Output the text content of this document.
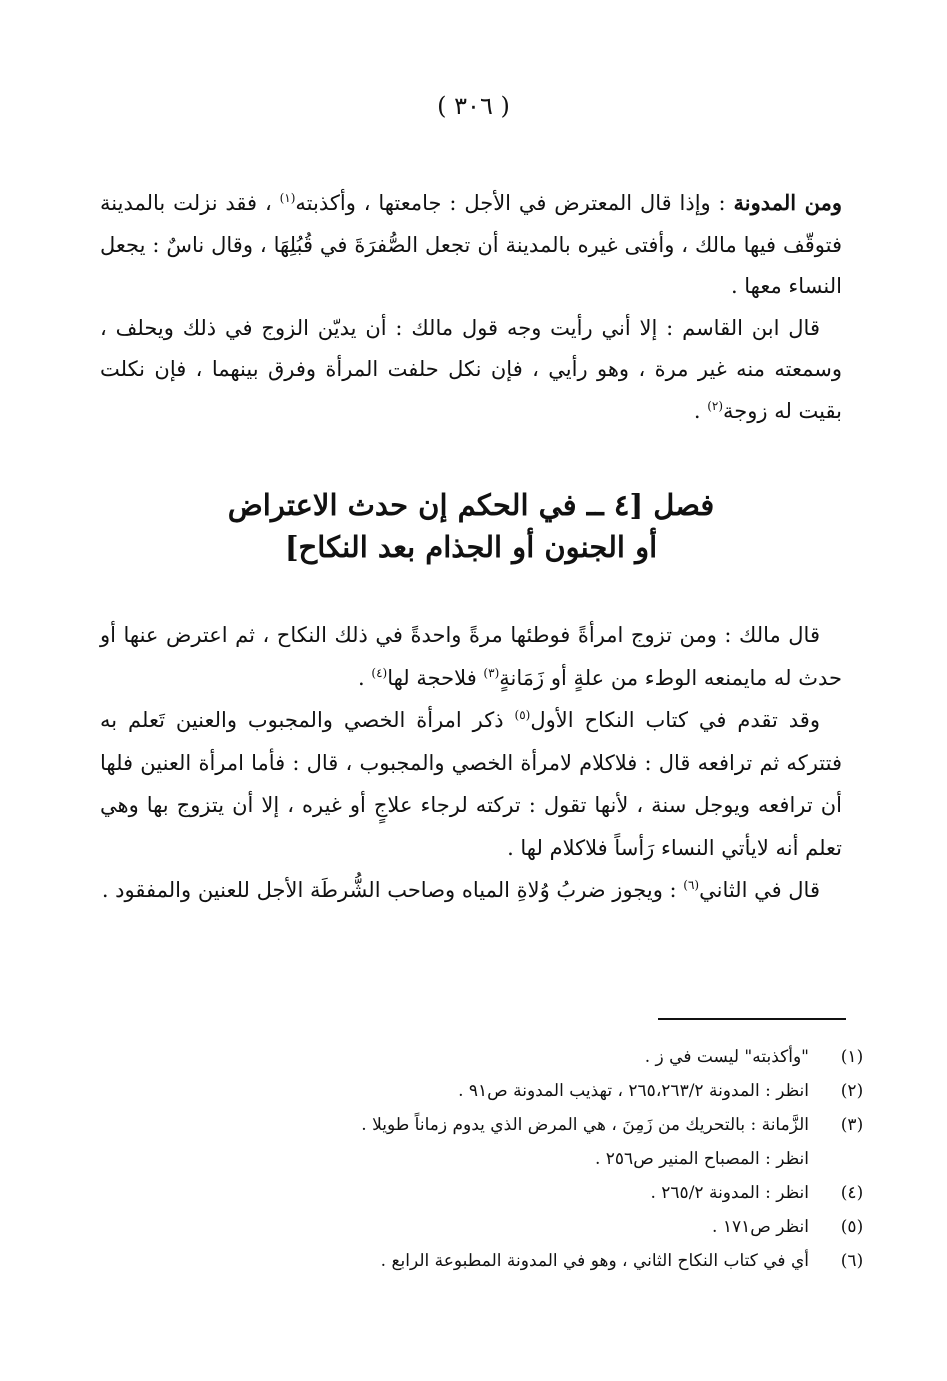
( ٣٠٦ )

ومن المدونة : وإذا قال المعترض في الأجل : جامعتها ، وأكذبته$^{(١)}$ ، فقد نزلت بالمدينة فتوقّف فيها مالك ، وأفتى غيره بالمدينة أن تجعل الصُّفرَةَ في قُبُلِهَا ، وقال ناسٌ : يجعل النساء معها .

قال ابن القاسم : إلا أني رأيت وجه قول مالك : أن يديّن الزوج في ذلك ويحلف ، وسمعته منه غير مرة ، وهو رأيي ، فإن نكل حلفت المرأة وفرق بينهما ، فإن نكلت بقيت له زوجة$^{(٢)}$ .

فصل [٤ ــ في الحكم إن حدث الاعتراض
أو الجنون أو الجذام بعد النكاح]

قال مالك : ومن تزوج امرأةً فوطئها مرةً واحدةً في ذلك النكاح ، ثم اعترض عنها أو حدث له مايمنعه الوطء من علةٍ أو زَمَانةٍ$^{(٣)}$ فلاحجة لها$^{(٤)}$ .

وقد تقدم في كتاب النكاح الأول$^{(٥)}$ ذكر امرأة الخصي والمجبوب والعنين تَعلم به فتتركه ثم ترافعه قال : فلاكلام لامرأة الخصي والمجبوب ، قال : فأما امرأة العنين فلها أن ترافعه ويوجل سنة ، لأنها تقول : تركته لرجاء علاجٍ أو غيره ، إلا أن يتزوج بها وهي تعلم أنه لايأتي النساء رَأساً فلاكلام لها .

قال في الثاني$^{(٦)}$ : ويجوز ضربُ وُلاةِ المياه وصاحب الشُّرطَة الأجل للعنين والمفقود .

(١)
"وأكذبته" ليست في ز .
(٢)
انظر : المدونة ٢٦٥،٢٦٣/٢ ، تهذيب المدونة ص٩١ .
(٣)
الزَّمانة : بالتحريك من زَمِنَ ، هي المرض الذي يدوم زماناً طويلا .
انظر : المصباح المنير ص٢٥٦ .
(٤)
انظر : المدونة ٢٦٥/٢ .
(٥)
انظر ص١٧١ .
(٦)
أي في كتاب النكاح الثاني ، وهو في المدونة المطبوعة الرابع .
